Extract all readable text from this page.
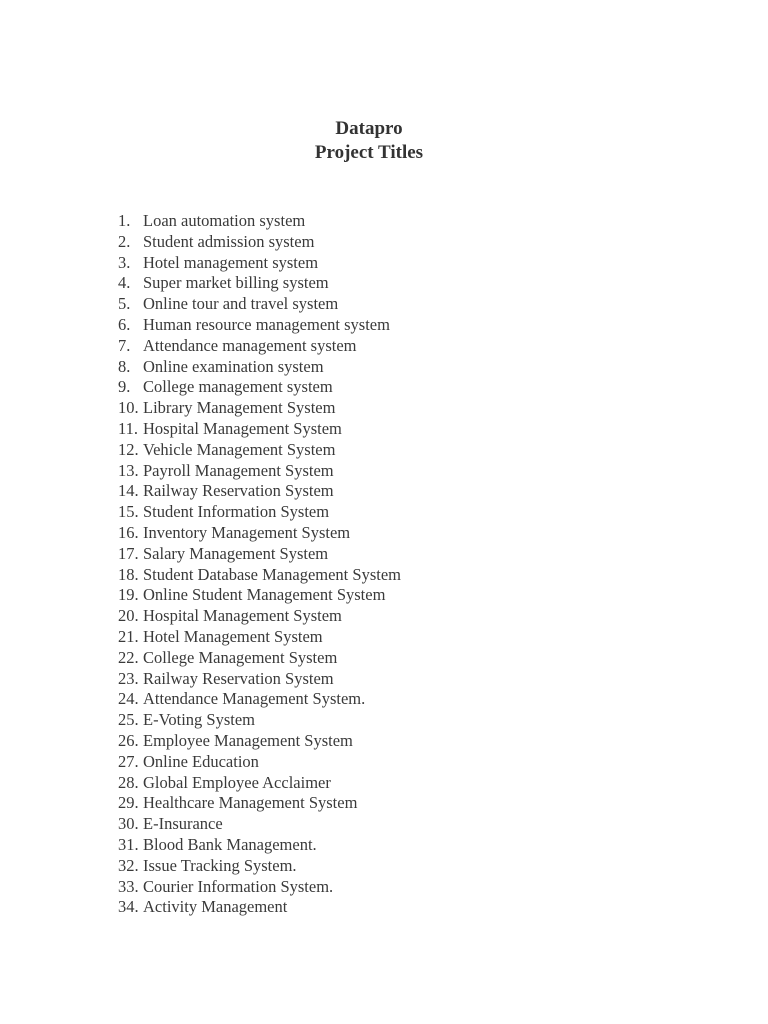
Datapro
Project Titles
1. Loan automation system
2. Student admission system
3. Hotel management system
4. Super market billing system
5. Online tour and travel system
6. Human resource management system
7. Attendance management system
8. Online examination system
9. College management system
10. Library Management System
11. Hospital Management System
12. Vehicle Management System
13. Payroll Management System
14. Railway Reservation System
15. Student Information System
16. Inventory Management System
17. Salary Management System
18. Student Database Management System
19. Online Student Management System
20. Hospital Management System
21. Hotel Management System
22. College Management System
23. Railway Reservation System
24. Attendance Management System.
25. E-Voting System
26. Employee Management System
27. Online Education
28. Global Employee Acclaimer
29. Healthcare Management System
30. E-Insurance
31. Blood Bank Management.
32. Issue Tracking System.
33. Courier Information System.
34. Activity Management
